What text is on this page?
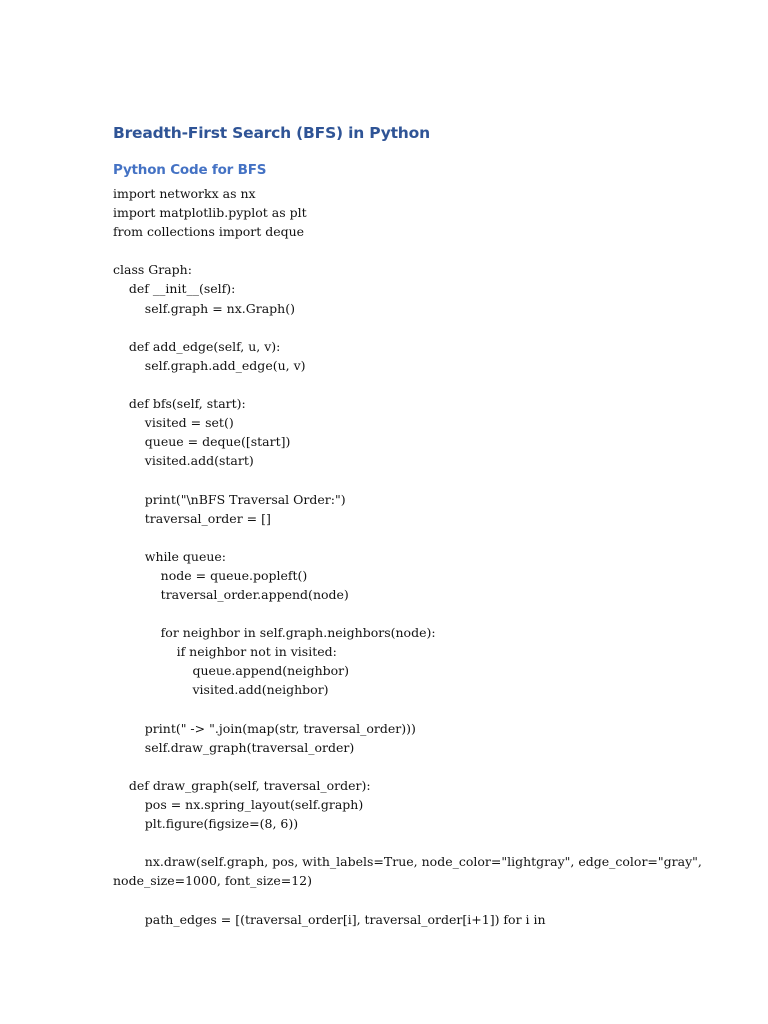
Breadth-First Search (BFS) in Python
Python Code for BFS
import networkx as nx
import matplotlib.pyplot as plt
from collections import deque
class Graph:
def __init__(self):
self.graph = nx.Graph()
def add_edge(self, u, v):
self.graph.add_edge(u, v)
def bfs(self, start):
visited = set()
queue = deque([start])
visited.add(start)
print("\nBFS Traversal Order:")
traversal_order = []
while queue:
node = queue.popleft()
traversal_order.append(node)
for neighbor in self.graph.neighbors(node):
if neighbor not in visited:
queue.append(neighbor)
visited.add(neighbor)
print(" -> ".join(map(str, traversal_order)))
self.draw_graph(traversal_order)
def draw_graph(self, traversal_order):
pos = nx.spring_layout(self.graph)
plt.figure(figsize=(8, 6))
nx.draw(self.graph, pos, with_labels=True, node_color="lightgray", edge_color="gray",
node_size=1000, font_size=12)
path_edges = [(traversal_order[i], traversal_order[i+1]) for i in
